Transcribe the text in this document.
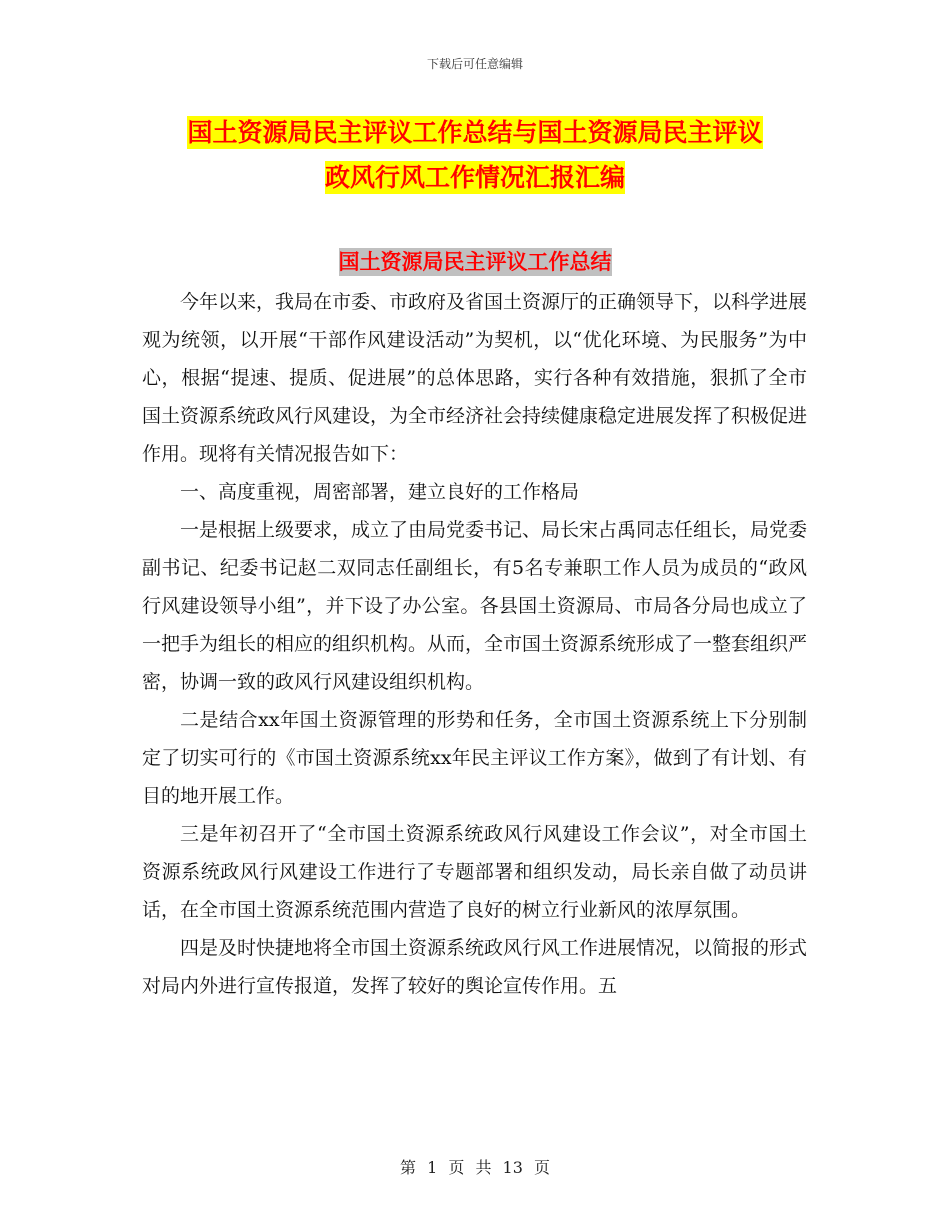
下载后可任意编辑
国土资源局民主评议工作总结与国土资源局民主评议
政风行风工作情况汇报汇编
国土资源局民主评议工作总结

今年以来，我局在市委、市政府及省国土资源厅的正确领导下，以科学进展观为统领，以开展“干部作风建设活动”为契机，以“优化环境、为民服务”为中心，根据“提速、提质、促进展”的总体思路，实行各种有效措施，狠抓了全市国土资源系统政风行风建设，为全市经济社会持续健康稳定进展发挥了积极促进作用。现将有关情况报告如下：

一、高度重视，周密部署，建立良好的工作格局

一是根据上级要求，成立了由局党委书记、局长宋占禹同志任组长，局党委副书记、纪委书记赵二双同志任副组长，有5名专兼职工作人员为成员的“政风行风建设领导小组”，并下设了办公室。各县国土资源局、市局各分局也成立了一把手为组长的相应的组织机构。从而，全市国土资源系统形成了一整套组织严密，协调一致的政风行风建设组织机构。

二是结合xx年国土资源管理的形势和任务，全市国土资源系统上下分别制定了切实可行的《市国土资源系统xx年民主评议工作方案》，做到了有计划、有目的地开展工作。

三是年初召开了“全市国土资源系统政风行风建设工作会议”，对全市国土资源系统政风行风建设工作进行了专题部署和组织发动，局长亲自做了动员讲话，在全市国土资源系统范围内营造了良好的树立行业新风的浓厚氛围。

四是及时快捷地将全市国土资源系统政风行风工作进展情况，以简报的形式对局内外进行宣传报道，发挥了较好的舆论宣传作用。五

第 1 页 共 13 页
